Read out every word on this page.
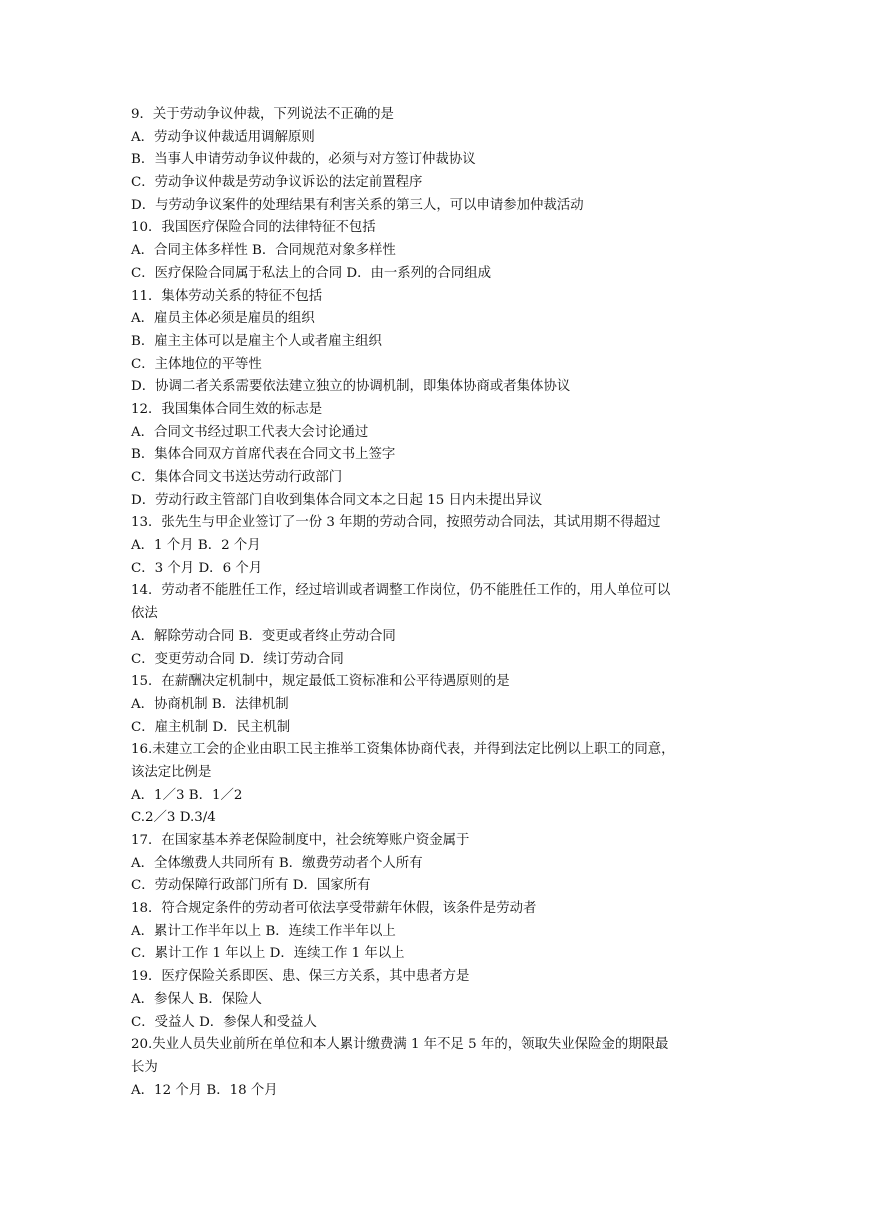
9．关于劳动争议仲裁，下列说法不正确的是
A．劳动争议仲裁适用调解原则
B．当事人申请劳动争议仲裁的，必须与对方签订仲裁协议
C．劳动争议仲裁是劳动争议诉讼的法定前置程序
D．与劳动争议案件的处理结果有利害关系的第三人，可以申请参加仲裁活动
10．我国医疗保险合同的法律特征不包括
A．合同主体多样性 B．合同规范对象多样性
C．医疗保险合同属于私法上的合同 D．由一系列的合同组成
11．集体劳动关系的特征不包括
A．雇员主体必须是雇员的组织
B．雇主主体可以是雇主个人或者雇主组织
C．主体地位的平等性
D．协调二者关系需要依法建立独立的协调机制，即集体协商或者集体协议
12．我国集体合同生效的标志是
A．合同文书经过职工代表大会讨论通过
B．集体合同双方首席代表在合同文书上签字
C．集体合同文书送达劳动行政部门
D．劳动行政主管部门自收到集体合同文本之日起 15 日内未提出异议
13．张先生与甲企业签订了一份 3 年期的劳动合同，按照劳动合同法，其试用期不得超过
A．1 个月 B．2 个月
C．3 个月 D．6 个月
14．劳动者不能胜任工作，经过培训或者调整工作岗位，仍不能胜任工作的，用人单位可以
依法
A．解除劳动合同 B．变更或者终止劳动合同
C．变更劳动合同 D．续订劳动合同
15．在薪酬决定机制中，规定最低工资标准和公平待遇原则的是
A．协商机制 B．法律机制
C．雇主机制 D．民主机制
16.未建立工会的企业由职工民主推举工资集体协商代表，并得到法定比例以上职工的同意，
该法定比例是
A．1／3 B．1／2
C.2／3 D.3/4
17．在国家基本养老保险制度中，社会统筹账户资金属于
A．全体缴费人共同所有 B．缴费劳动者个人所有
C．劳动保障行政部门所有 D．国家所有
18．符合规定条件的劳动者可依法享受带薪年休假，该条件是劳动者
A．累计工作半年以上 B．连续工作半年以上
C．累计工作 1 年以上 D．连续工作 1 年以上
19．医疗保险关系即医、患、保三方关系，其中患者方是
A．参保人 B．保险人
C．受益人 D．参保人和受益人
20.失业人员失业前所在单位和本人累计缴费满 1 年不足 5 年的，领取失业保险金的期限最
长为
A．12 个月 B．18 个月
